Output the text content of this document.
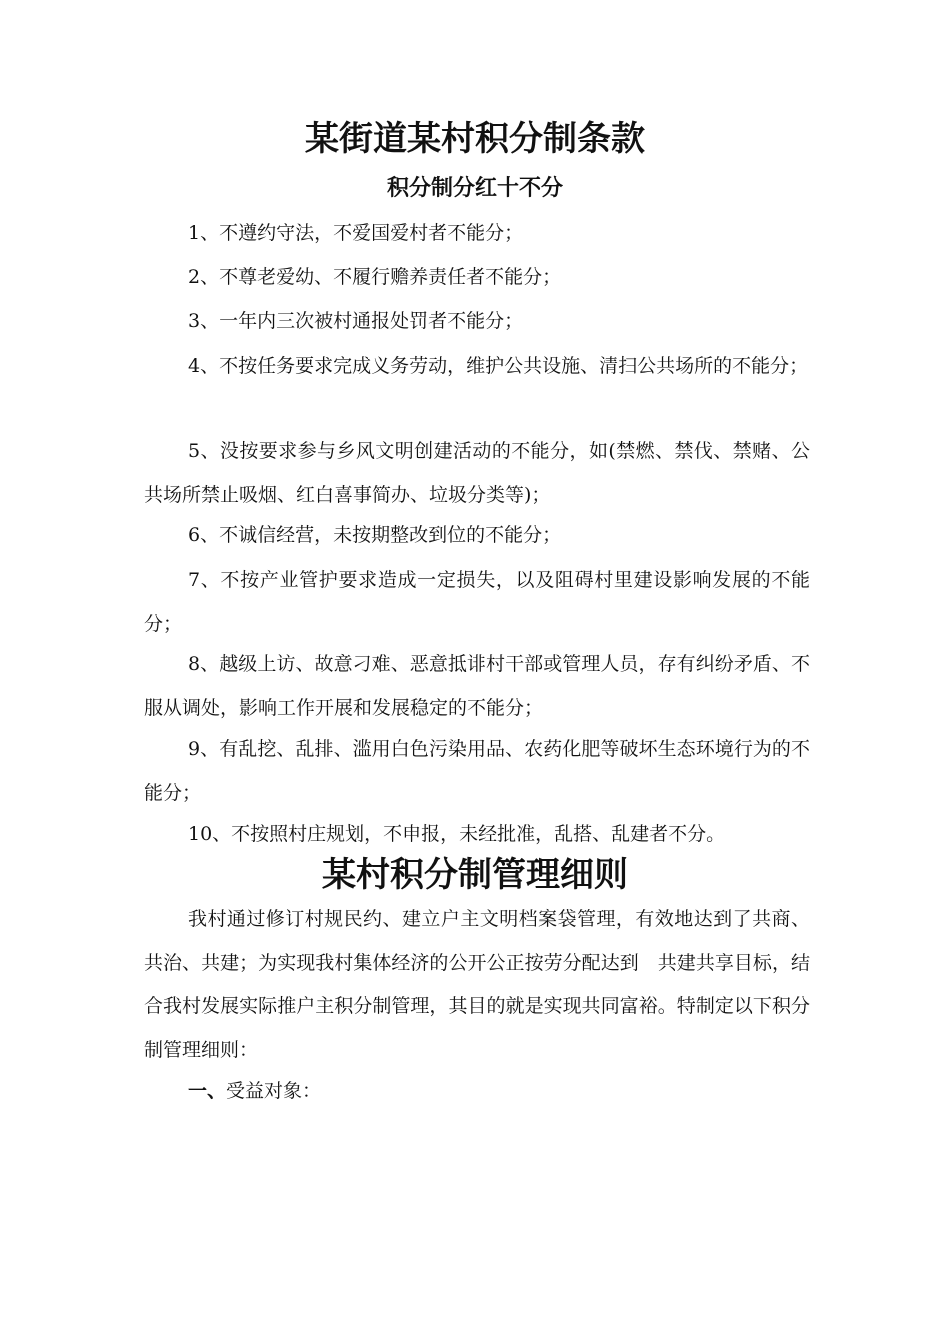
某街道某村积分制条款
积分制分红十不分

1、不遵约守法，不爱国爱村者不能分；

2、不尊老爱幼、不履行赡养责任者不能分；

3、一年内三次被村通报处罚者不能分；

4、不按任务要求完成义务劳动，维护公共设施、清扫公共场所的不能分；

5、没按要求参与乡风文明创建活动的不能分，如(禁燃、禁伐、禁赌、公共场所禁止吸烟、红白喜事简办、垃圾分类等)；

6、不诚信经营，未按期整改到位的不能分；

7、不按产业管护要求造成一定损失，以及阻碍村里建设影响发展的不能分；

8、越级上访、故意刁难、恶意抵诽村干部或管理人员，存有纠纷矛盾、不服从调处，影响工作开展和发展稳定的不能分；

9、有乱挖、乱排、滥用白色污染用品、农药化肥等破坏生态环境行为的不能分；

10、不按照村庄规划，不申报，未经批准，乱搭、乱建者不分。

某村积分制管理细则

我村通过修订村规民约、建立户主文明档案袋管理，有效地达到了共商、共治、共建；为实现我村集体经济的公开公正按劳分配达到　共建共享目标，结合我村发展实际推户主积分制管理，其目的就是实现共同富裕。特制定以下积分制管理细则：

一、受益对象：
